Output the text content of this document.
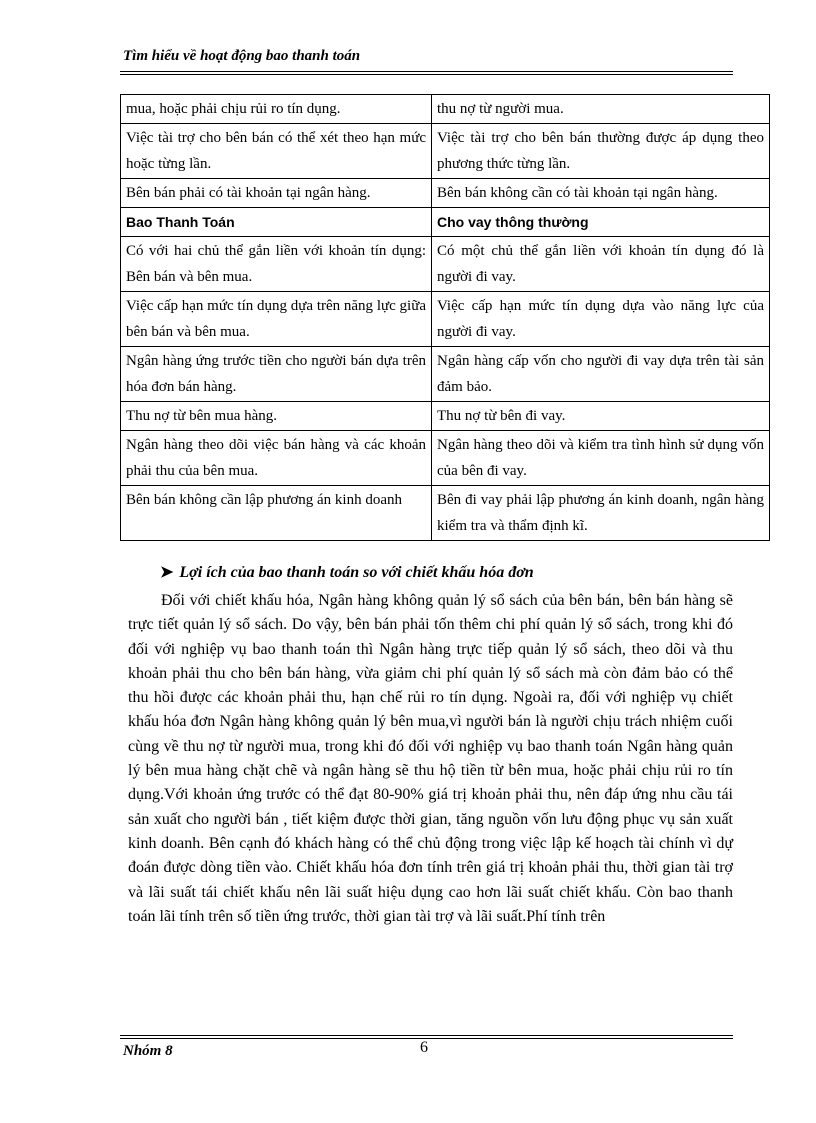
Tìm hiểu về hoạt động bao thanh toán
mua, hoặc phải chịu rủi ro tín dụng.	thu nợ từ người mua.
Việc tài trợ cho bên bán có thể xét theo hạn mức hoặc từng lần.	Việc tài trợ cho bên bán thường được áp dụng theo phương thức từng lần.
Bên bán phải có tài khoản tại ngân hàng.	Bên bán không cần có tài khoản tại ngân hàng.
Bao Thanh Toán	Cho vay thông thường
Có với hai chủ thể gắn liền với khoản tín dụng: Bên bán và bên mua.	Có một chủ thể gắn liền với khoản tín dụng đó là người đi vay.
Việc cấp hạn mức tín dụng dựa trên năng lực giữa bên bán và bên mua.	Việc cấp hạn mức tín dụng dựa vào năng lực của người đi vay.
Ngân hàng ứng trước tiền cho người bán dựa trên hóa đơn bán hàng.	Ngân hàng cấp vốn cho người đi vay dựa trên tài sản đảm bảo.
Thu nợ từ bên mua hàng.	Thu nợ từ bên đi vay.
Ngân hàng theo dõi việc bán hàng và các khoản phải thu của bên mua.	Ngân hàng theo dõi và kiểm tra tình hình sử dụng vốn của bên đi vay.
Bên bán không cần lập phương án kinh doanh	Bên đi vay phải lập phương án kinh doanh, ngân hàng kiểm tra và thẩm định kĩ.
➤ Lợi ích của bao thanh toán so với chiết khấu hóa đơn

Đối với chiết khấu hóa, Ngân hàng không quản lý sổ sách của bên bán, bên bán hàng sẽ trực tiết quản lý sổ sách. Do vậy, bên bán phải tốn thêm chi phí quản lý sổ sách, trong khi đó đối với nghiệp vụ bao thanh toán thì Ngân hàng trực tiếp quản lý sổ sách, theo dõi và thu khoản phải thu cho bên bán hàng, vừa giảm chi phí quản lý sổ sách mà còn đảm bảo có thể thu hồi được các khoản phải thu, hạn chế rủi ro tín dụng. Ngoài ra, đối với nghiệp vụ chiết khấu hóa đơn Ngân hàng không quản lý bên mua,vì người bán là người chịu trách nhiệm cuối cùng về thu nợ từ người mua, trong khi đó đối với nghiệp vụ bao thanh toán Ngân hàng quản lý bên mua hàng chặt chẽ và ngân hàng sẽ thu hộ tiền từ bên mua, hoặc phải chịu rủi ro tín dụng.Với khoản ứng trước có thể đạt 80-90% giá trị khoản phải thu, nên đáp ứng nhu cầu tái sản xuất cho người bán , tiết kiệm được thời gian, tăng nguồn vốn lưu động phục vụ sản xuất kinh doanh. Bên cạnh đó khách hàng có thể chủ động trong việc lập kế hoạch tài chính vì dự đoán được dòng tiền vào. Chiết khấu hóa đơn tính trên giá trị khoản phải thu, thời gian tài trợ và lãi suất tái chiết khấu nên lãi suất hiệu dụng cao hơn lãi suất chiết khấu. Còn bao thanh toán lãi tính trên số tiền ứng trước, thời gian tài trợ và lãi suất.Phí tính trên

Nhóm 8	6
